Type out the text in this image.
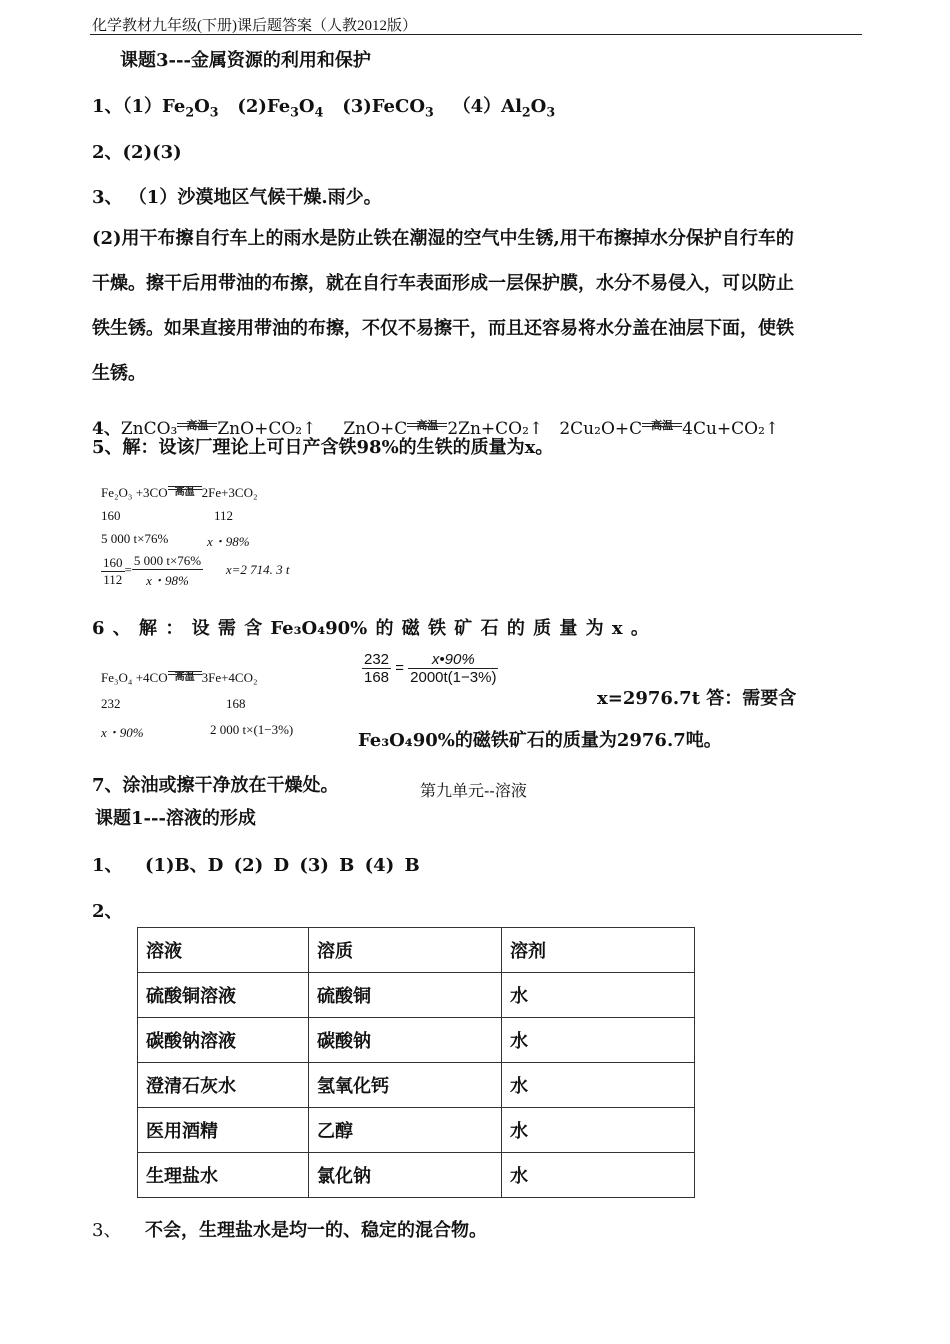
化学教材九年级(下册)课后题答案（人教2012版）
课题3---金属资源的利用和保护
1、$(1)Fe_2O_3$ $(2)Fe_3O_4$ (3)FeCO$_3$ $(4)Al_2O_3$
2、(2)(3)
3、 （1）沙漠地区气候干燥.雨少。
(2)用干布擦自行车上的雨水是防止铁在潮湿的空气中生锈,用干布擦掉水分保护自行车的干燥。擦干后用带油的布擦，就在自行车表面形成一层保护膜，水分不易侵入，可以防止铁生锈。如果直接用带油的布擦，不仅不易擦干，而且还容易将水分盖在油层下面，使铁生锈。
4、ZnCO₃ 高温 ZnO+CO₂↑ ZnO+C 高温 2Zn+CO₂↑ 2Cu₂O+C 高温 4Cu+CO₂↑
5、解：设该厂理论上可日产含铁98%的生铁的质量为x。
Fe₂O₃ +3CO 高温 2Fe+3CO₂
160	112
5 000 t×76%	x・98%
$\frac{160}{112} = \frac{5 000 t\times 76\%}{x・98\%} x=2$ 714. 3 t
6 、 解 ： 设 需 含 Fe₃O₄90% 的 磁 铁 矿 石 的 质 量 为 x 。
Fe₃O₄ +4CO 高温 3Fe+4CO₂
232	168
x・90%	2 000 t×(1−3%)
$\frac{232}{168} = \frac{x•90\%}{2000t(1-3\%)}$
x=2976.7t 答：需要含
Fe₃O₄90%的磁铁矿石的质量为2976.7吨。
7、涂油或擦干净放在干燥处。	第九单元--溶液
课题1---溶液的形成
1、 (1)B、D (2) D (3) B (4) B
2、
溶液	溶质	溶剂
硫酸铜溶液	硫酸铜	水
碳酸钠溶液	碳酸钠	水
澄清石灰水	氢氧化钙	水
医用酒精	乙醇	水
生理盐水	氯化钠	水
3、 不会，生理盐水是均一的、稳定的混合物。
